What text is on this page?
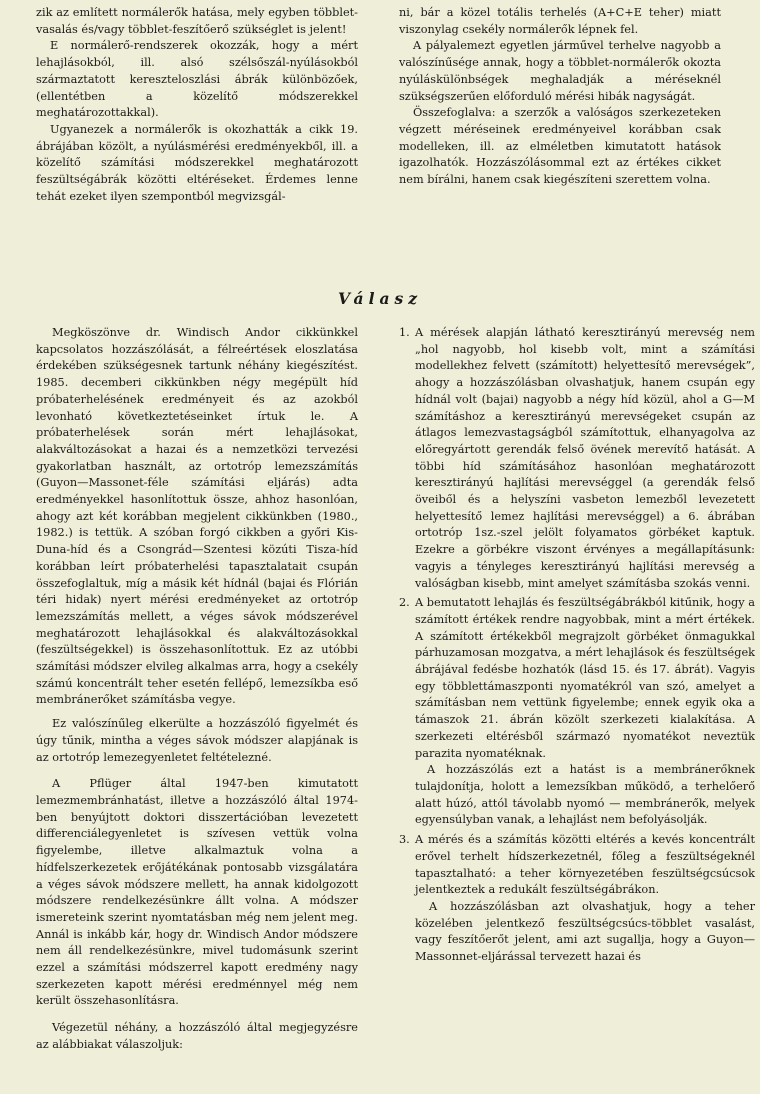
zik az említett normálerők hatása, mely egyben többlet-vasalás és/vagy többlet-feszítőerő szükséglet is jelent!

E normálerő-rendszerek okozzák, hogy a mért lehajlásokból, ill. alsó szélsőszál-nyúlásokból származtatott kereszteloszlási ábrák különbözőek, (ellentétben a közelítő módszerekkel meghatározottakkal).

Ugyanezek a normálerők is okozhatták a cikk 19. ábrájában közölt, a nyúlásmérési eredményekből, ill. a közelítő számítási módszerekkel meghatározott feszültségábrák közötti eltéréseket. Érdemes lenne tehát ezeket ilyen szempontból megvizsgál-

ni, bár a közel totális terhelés (A+C+E teher) miatt viszonylag csekély normálerők lépnek fel.

A pályalemezt egyetlen járművel terhelve nagyobb a valószínűsége annak, hogy a többlet-normálerők okozta nyúláskülönbségek meghaladják a méréseknél szükségszerűen előforduló mérési hibák nagyságát.

Összefoglalva: a szerzők a valóságos szerkezeteken végzett méréseinek eredményeivel korábban csak modelleken, ill. az elméletben kimutatott hatások igazolhatók. Hozzászólásommal ezt az értékes cikket nem bírálni, hanem csak kiegészíteni szerettem volna.

Válasz

Megköszönve dr. Windisch Andor cikkünkkel kapcsolatos hozzászólását, a félreértések eloszlatása érdekében szükségesnek tartunk néhány kiegészítést. 1985. decemberi cikkünkben négy megépült híd próbaterhelésének eredményeit és az azokból levonható következtetéseinket írtuk le. A próbaterhelések során mért lehajlásokat, alakváltozásokat a hazai és a nemzetközi tervezési gyakorlatban használt, az ortotróp lemezszámítás (Guyon—Massonet-féle számítási eljárás) adta eredményekkel hasonlítottuk össze, ahhoz hasonlóan, ahogy azt két korábban megjelent cikkünkben (1980., 1982.) is tettük. A szóban forgó cikkben a győri Kis-Duna-híd és a Csongrád—Szentesi közúti Tisza-híd korábban leírt próbaterhelési tapasztalatait csupán összefoglaltuk, míg a másik két hídnál (bajai és Flórián téri hidak) nyert mérési eredményeket az ortotróp lemezszámítás mellett, a véges sávok módszerével meghatározott lehajlásokkal és alakváltozásokkal (feszültségekkel) is összehasonlítottuk. Ez az utóbbi számítási módszer elvileg alkalmas arra, hogy a csekély számú koncentrált teher esetén fellépő, lemezsíkba eső membránerőket számításba vegye.

Ez valószínűleg elkerülte a hozzászóló figyelmét és úgy tűnik, mintha a véges sávok módszer alapjának is az ortotróp lemezegyenletet feltételezné.

A Pflüger által 1947-ben kimutatott lemezmembránhatást, illetve a hozzászóló által 1974-ben benyújtott doktori disszertációban levezetett differenciálegyenletet is szívesen vettük volna figyelembe, illetve alkalmaztuk volna a hídfelszerkezetek erőjátékának pontosabb vizsgálatára a véges sávok módszere mellett, ha annak kidolgozott módszere rendelkezésünkre állt volna. A módszer ismereteink szerint nyomtatásban még nem jelent meg. Annál is inkább kár, hogy dr. Windisch Andor módszere nem áll rendelkezésünkre, mivel tudomásunk szerint ezzel a számítási módszerrel kapott eredmény nagy szerkezeten kapott mérési eredménnyel még nem került összehasonlításra.

Végezetül néhány, a hozzászóló által megjegyzésre az alábbiakat válaszoljuk:

1. A mérések alapján látható keresztirányú merevség nem „hol nagyobb, hol kisebb volt, mint a számítási modellekhez felvett (számított) helyettesítő merevségek”, ahogy a hozzászólásban olvashatjuk, hanem csupán egy hídnál volt (bajai) nagyobb a négy híd közül, ahol a G—M számításhoz a keresztirányú merevségeket csupán az átlagos lemezvastagságból számítottuk, elhanyagolva az előregyártott gerendák felső övének merevítő hatását. A többi híd számításához hasonlóan meghatározott keresztirányú hajlítási merevséggel (a gerendák felső öveiből és a helyszíni vasbeton lemezből levezetett helyettesítő lemez hajlítási merevséggel) a 6. ábrában ortotróp 1sz.-szel jelölt folyamatos görbéket kaptuk. Ezekre a görbékre viszont érvényes a megállapításunk: vagyis a tényleges keresztirányú hajlítási merevség a valóságban kisebb, mint amelyet számításba szokás venni.

2. A bemutatott lehajlás és feszültségábrákból kitűnik, hogy a számított értékek rendre nagyobbak, mint a mért értékek. A számított értékekből megrajzolt görbéket önmagukkal párhuzamosan mozgatva, a mért lehajlások és feszültségek ábrájával fedésbe hozhatók (lásd 15. és 17. ábrát). Vagyis egy többlettámaszponti nyomatékról van szó, amelyet a számításban nem vettünk figyelembe; ennek egyik oka a támaszok 21. ábrán közölt szerkezeti kialakítása. A szerkezeti eltérésből származó nyomatékot neveztük parazita nyomatéknak.

A hozzászólás ezt a hatást is a membránerőknek tulajdonítja, holott a lemezsíkban működő, a terhelőerő alatt húzó, attól távolabb nyomó — membránerők, melyek egyensúlyban vanak, a lehajlást nem befolyásolják.

3. A mérés és a számítás közötti eltérés a kevés koncentrált erővel terhelt hídszerkezetnél, főleg a feszültségeknél tapasztalható: a teher környezetében feszültségcsúcsok jelentkeztek a redukált feszültségábrákon.

A hozzászólásban azt olvashatjuk, hogy a teher közelében jelentkező feszültségcsúcs-többlet vasalást, vagy feszítőerőt jelent, ami azt sugallja, hogy a Guyon—Massonnet-eljárással tervezett hazai és
